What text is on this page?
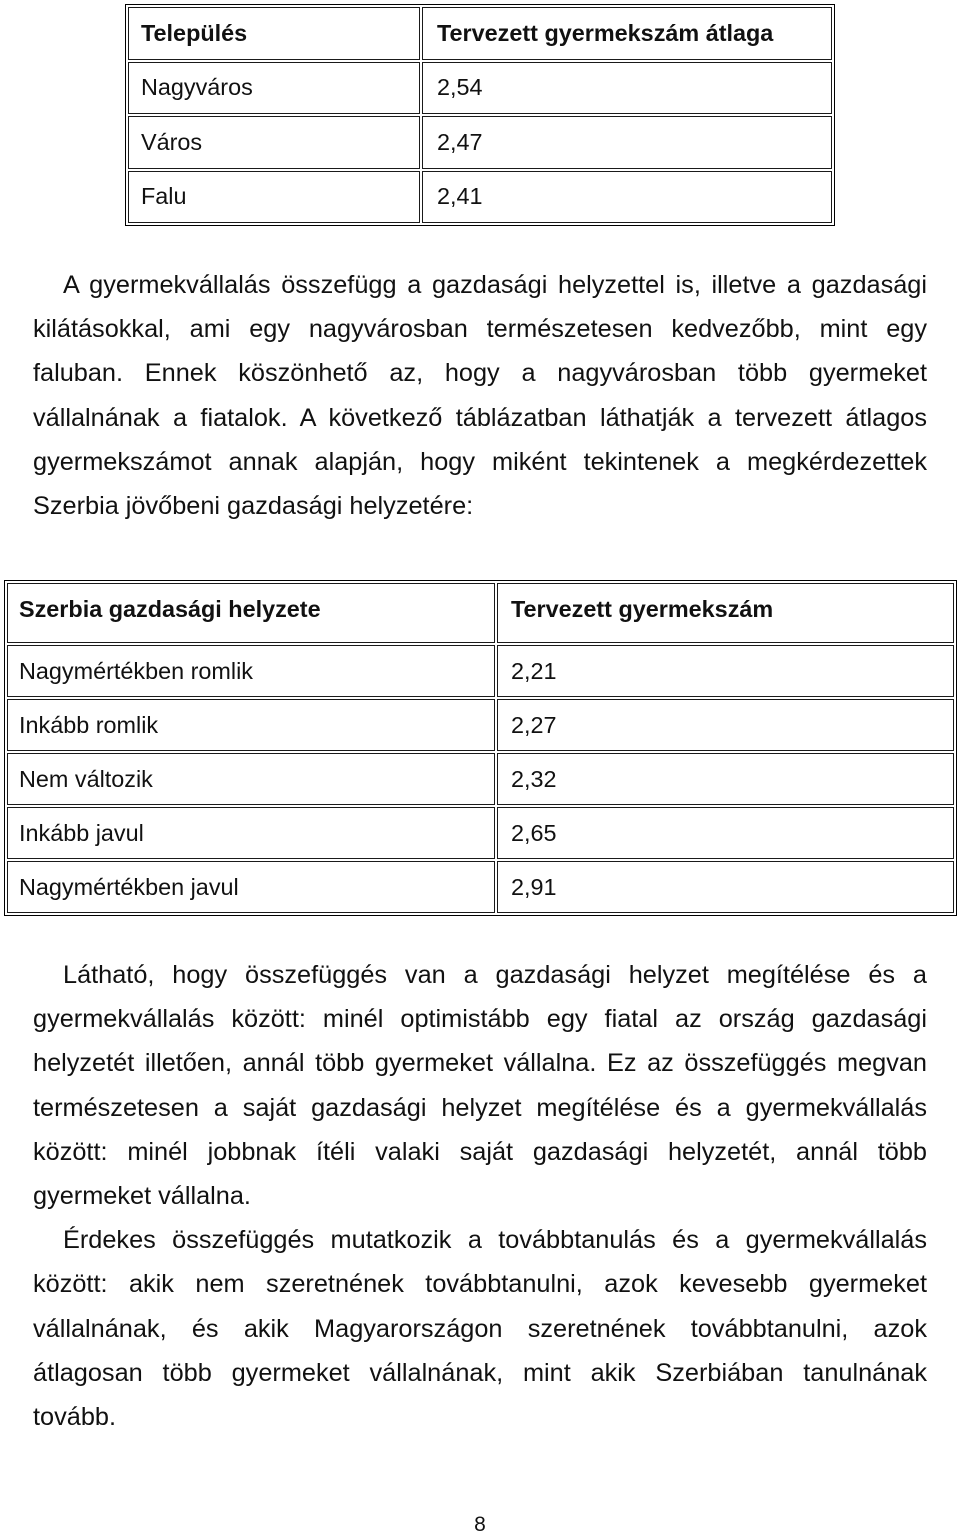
Település	Tervezett gyermekszám átlaga
Nagyváros	2,54
Város	2,47
Falu	2,41
A gyermekvállalás összefügg a gazdasági helyzettel is, illetve a gazdasági
kilátásokkal, ami egy nagyvárosban természetesen kedvezőbb, mint egy
faluban. Ennek köszönhető az, hogy a nagyvárosban több gyermeket
vállalnának a fiatalok. A következő táblázatban láthatják a tervezett átlagos
gyermekszámot annak alapján, hogy miként tekintenek a megkérdezettek
Szerbia jövőbeni gazdasági helyzetére:
Szerbia gazdasági helyzete	Tervezett gyermekszám
Nagymértékben romlik	2,21
Inkább romlik	2,27
Nem változik	2,32
Inkább javul	2,65
Nagymértékben javul	2,91
Látható, hogy összefüggés van a gazdasági helyzet megítélése és a
gyermekvállalás között: minél optimistább egy fiatal az ország gazdasági
helyzetét illetően, annál több gyermeket vállalna. Ez az összefüggés megvan
természetesen a saját gazdasági helyzet megítélése és a gyermekvállalás
között: minél jobbnak ítéli valaki saját gazdasági helyzetét, annál több
gyermeket vállalna.
Érdekes összefüggés mutatkozik a továbbtanulás és a gyermekvállalás
között: akik nem szeretnének továbbtanulni, azok kevesebb gyermeket
vállalnának, és akik Magyarországon szeretnének továbbtanulni, azok
átlagosan több gyermeket vállalnának, mint akik Szerbiában tanulnának
tovább.
8
